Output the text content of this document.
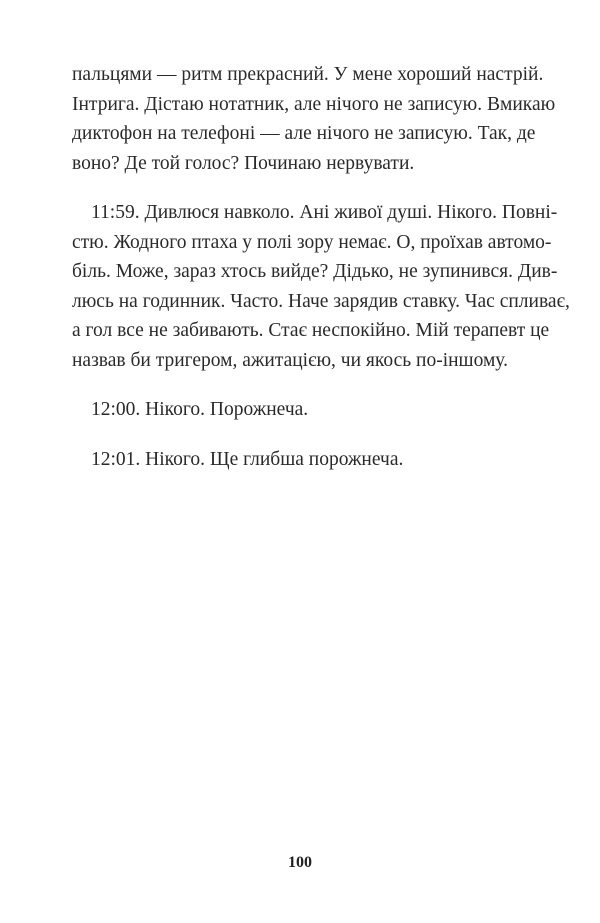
пальцями — ритм прекрасний. У мене хороший настрій.
Інтрига. Дістаю нотатник, але нічого не записую. Вмикаю
диктофон на телефоні — але нічого не записую. Так, де
воно? Де той голос? Починаю нервувати.
11:59. Дивлюся навколо. Ані живої душі. Нікого. Повні-
стю. Жодного птаха у полі зору немає. О, проїхав автомо-
біль. Може, зараз хтось вийде? Дідько, не зупинився. Див-
люсь на годинник. Часто. Наче зарядив ставку. Час спливає,
а гол все не забивають. Стає неспокійно. Мій терапевт це
назвав би тригером, ажитацією, чи якось по-іншому.
12:00. Нікого. Порожнеча.
12:01. Нікого. Ще глибша порожнеча.
100
